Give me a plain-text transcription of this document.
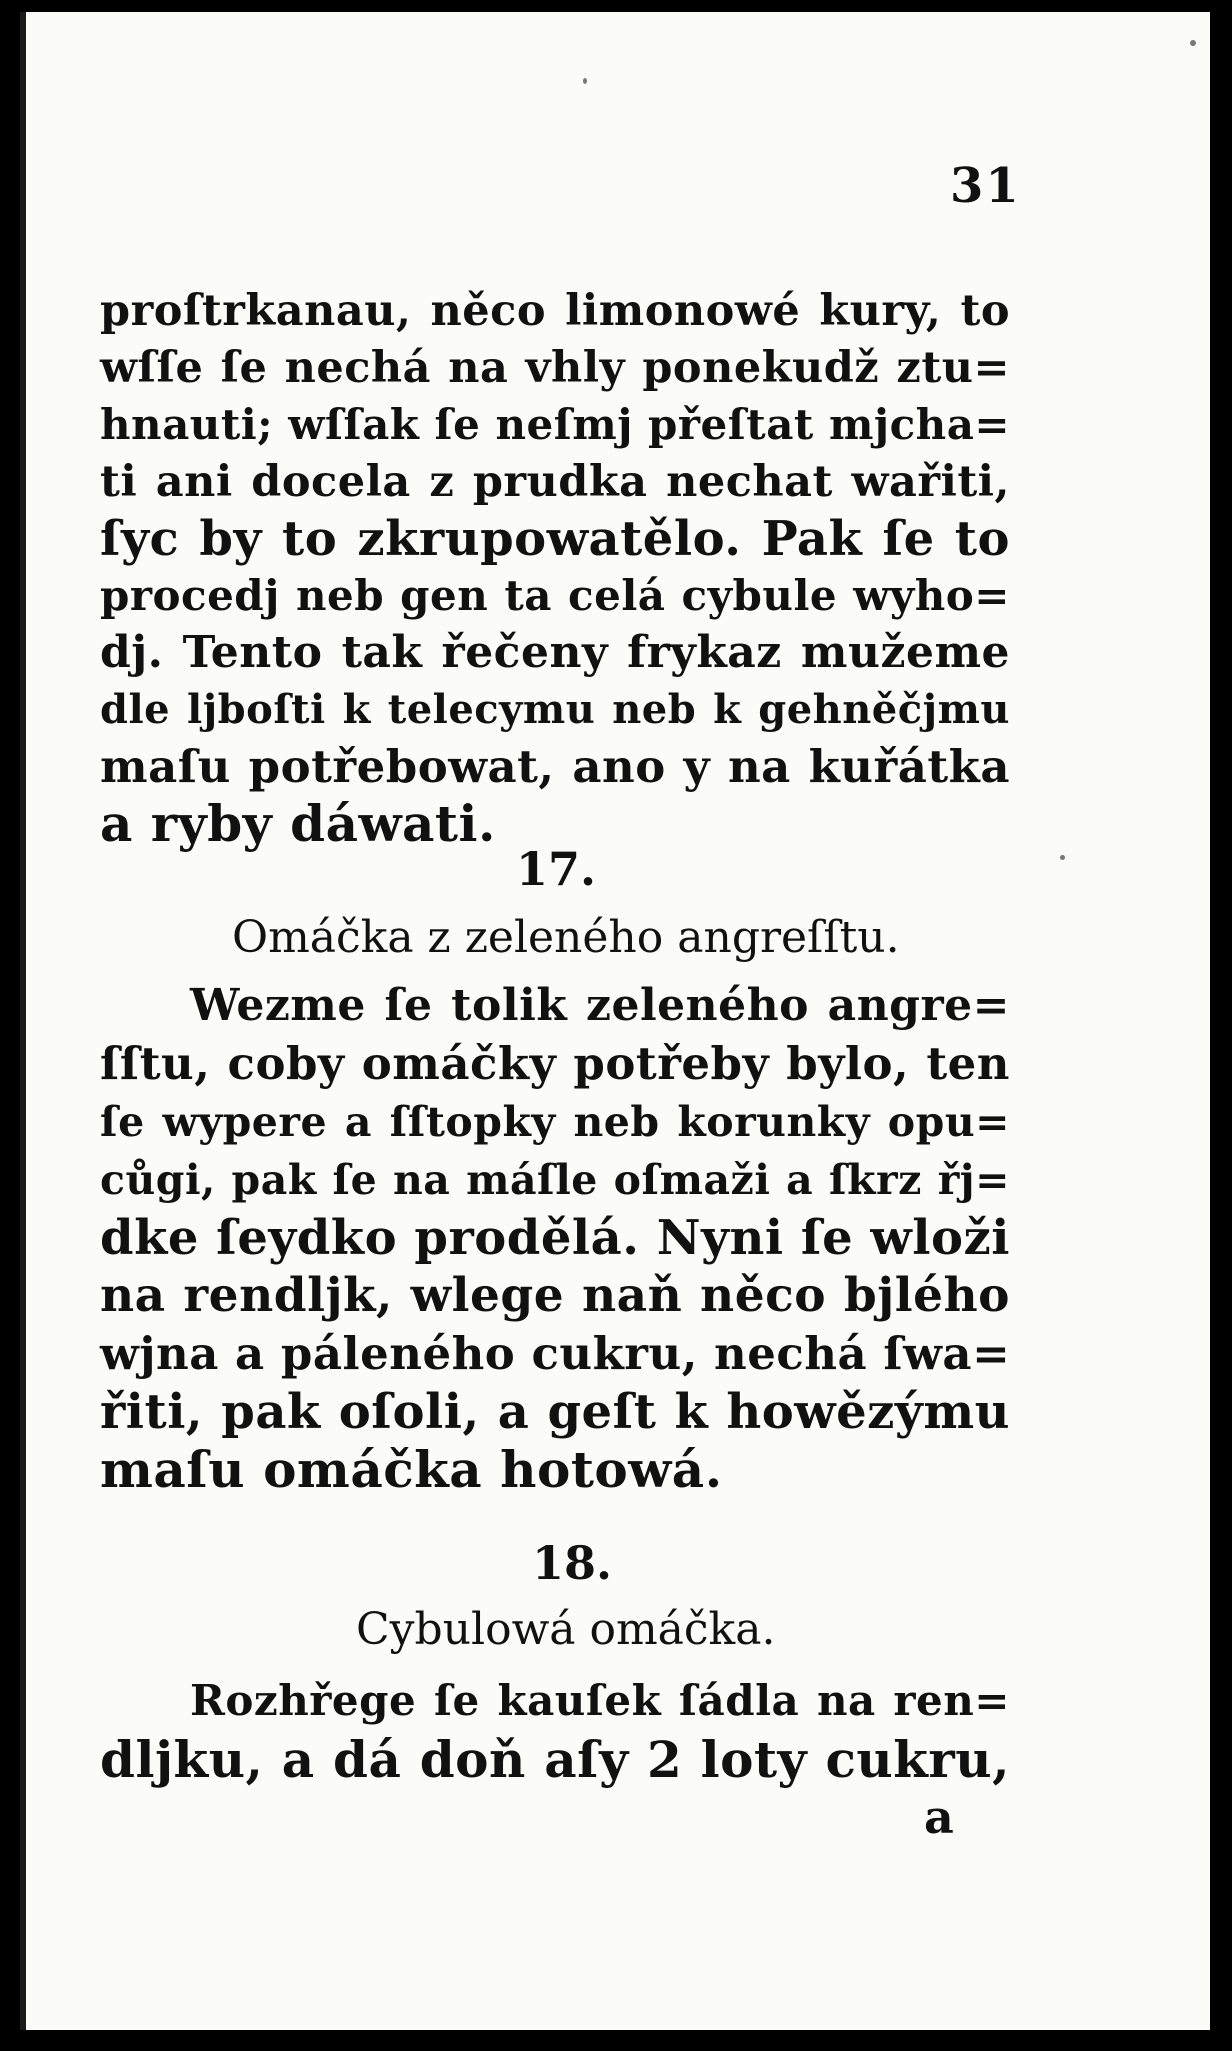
31
proſtrkanau, něco limonowé kury, to
wſſe ſe nechá na vhly ponekudž ztu=
hnauti; wſſak ſe neſmj přeſtat mjcha=
ti ani docela z prudka nechat wařiti,
ſyc by to zkrupowatělo. Pak ſe to
procedj neb gen ta celá cybule wyho=
dj. Tento tak řečeny frykaz mužeme
dle ljboſti k telecymu neb k gehněčjmu
maſu potřebowat, ano y na kuřátka
a ryby dáwati.
17.
Omáčka z zeleného angreſſtu.
Wezme ſe tolik zeleného angre=
ſſtu, coby omáčky potřeby bylo, ten
ſe wypere a ſſtopky neb korunky opu=
cůgi, pak ſe na máſle oſmaži a ſkrz řj=
dke ſeydko prodělá. Nyni ſe wloži
na rendljk, wlege naň něco bjlého
wjna a páleného cukru, nechá ſwa=
řiti, pak oſoli, a geſt k howězýmu
maſu omáčka hotowá.
18.
Cybulowá omáčka.
Rozhřege ſe kauſek ſádla na ren=
dljku, a dá doň aſy 2 loty cukru,
a
